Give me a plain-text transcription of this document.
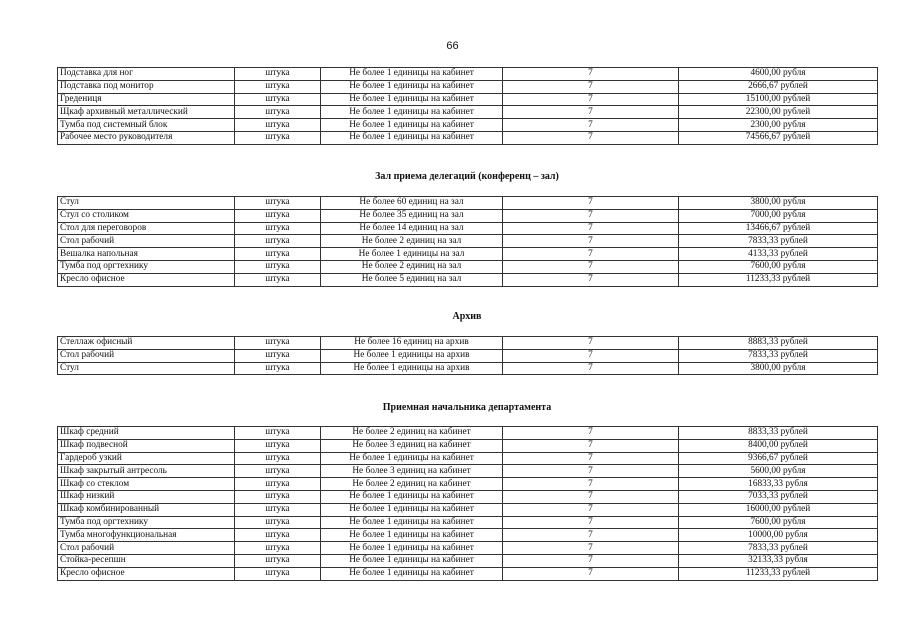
66
Подставка для ног	штука	Не более 1 единицы на кабинет	7	4600,00 рубля
Подставка под монитор	штука	Не более 1 единицы на кабинет	7	2666,67 рублей
Гредениця	штука	Не более 1 единицы на кабинет	7	15100,00 рублей
Щкаф архивный металлический	штука	Не более 1 единицы на кабинет	7	22300,00 рублей
Тумба под системный блок	штука	Не более 1 единицы на кабинет	7	2300,00 рубля
Рабочее место руководителя	штука	Не более 1 единицы на кабинет	7	74566,67 рублей
Зал приема делегаций (конференц – зал)
Стул	штука	Не более 60 единиц на зал	7	3800,00 рубля
Стул со столиком	штука	Не более 35 единиц на зал	7	7000,00 рубля
Стол для переговоров	штука	Не более 14 единиц на зал	7	13466,67 рублей
Стол рабочий	штука	Не более 2 единиц на зал	7	7833,33 рублей
Вешалка напольная	штука	Не более 1 единицы на зал	7	4133,33 рублей
Тумба под оргтехнику	штука	Не более 2 единиц на зал	7	7600,00 рубля
Кресло офисное	штука	Не более 5 единиц на зал	7	11233,33 рублей
Архив
Стеллаж офисный	штука	Не более 16 единиц на архив	7	8883,33 рублей
Стол рабочий	штука	Не более 1 единицы на архив	7	7833,33 рублей
Стул	штука	Не более 1 единицы на архив	7	3800,00 рубля
Приемная начальника департамента
Шкаф средний	штука	Не более 2 единиц на кабинет	7	8833,33 рублей
Шкаф подвесной	штука	Не более 3 единиц на кабинет	7	8400,00 рублей
Гардероб узкий	штука	Не более 1 единицы на кабинет	7	9366,67 рублей
Шкаф закрытый антресоль	штука	Не более 3 единиц на кабинет	7	5600,00 рубля
Шкаф со стеклом	штука	Не более 2 единиц на кабинет	7	16833,33 рубля
Шкаф низкий	штука	Не более 1 единицы на кабинет	7	7033,33 рублей
Шкаф комбинированный	штука	Не более 1 единицы на кабинет	7	16000,00 рублей
Тумба под оргтехнику	штука	Не более 1 единицы на кабинет	7	7600,00 рубля
Тумба многофункциональная	штука	Не более 1 единицы на кабинет	7	10000,00 рубля
Стол рабочий	штука	Не более 1 единицы на кабинет	7	7833,33 рублей
Стойка-ресепшн	штука	Не более 1 единицы на кабинет	7	32133,33 рубля
Кресло офисное	штука	Не более 1 единицы на кабинет	7	11233,33 рублей
